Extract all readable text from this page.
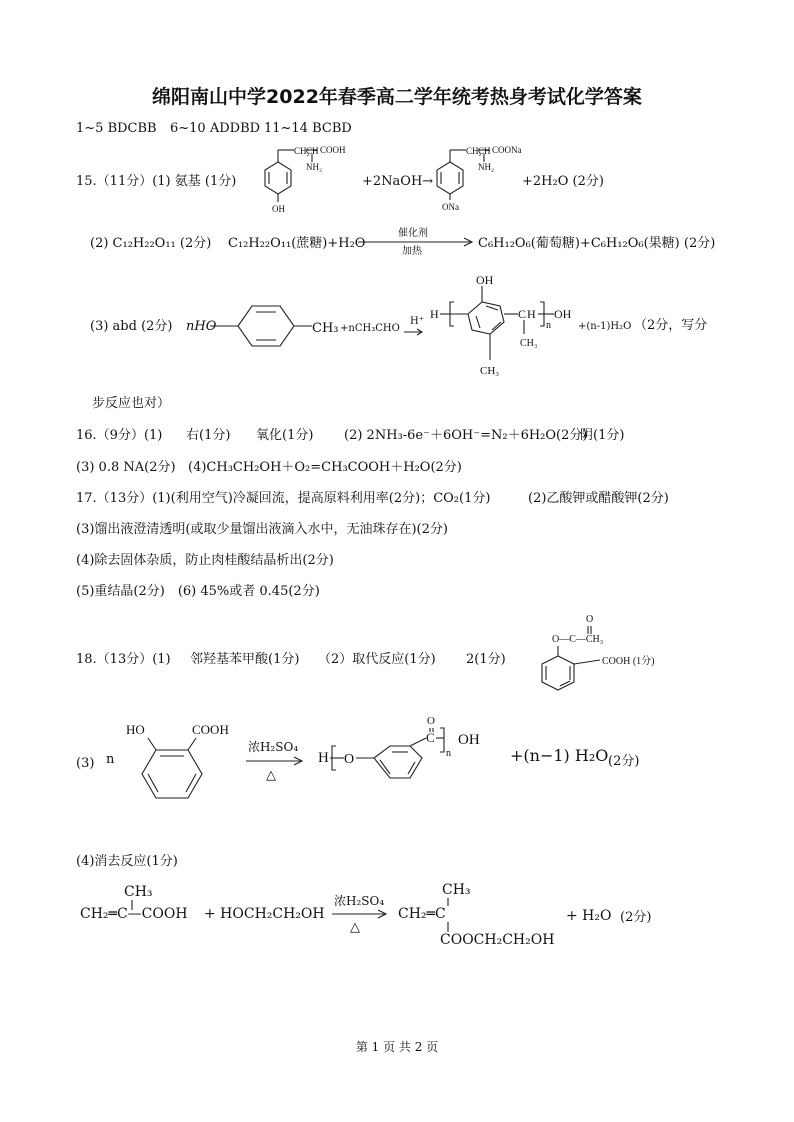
绵阳南山中学2022年春季高二学年统考热身考试化学答案
1~5 BDCBB 6~10 ADDBD 11~14 BCBD
15.（11分）(1) 氨基 (1分)
CH₂
CH COOH
NH₂
OH
+2NaOH→
CH₂
CH COONa
NH₂
ONa
+2H₂O (2分)
(2) C₁₂H₂₂O₁₁ (2分) C₁₂H₂₂O₁₁(蔗糖)+H₂O
催化剂
加热
C₆H₁₂O₆(葡萄糖)+C₆H₁₂O₆(果糖) (2分)
(3) abd (2分) nHO	CH₃ +nCH₃CHO
H⁺
H
OH
C H
CH₃
n
OH
CH₃
+(n-1)H₂O （2分，写分
步反应也对）
16.（9分）(1) 右(1分) 氧化(1分) (2) 2NH₃-6e⁻＋6OH⁻=N₂＋6H₂O(2分)
阴(1分)
(3) 0.8 NA(2分) (4)CH₃CH₂OH＋O₂=CH₃COOH＋H₂O(2分)
17.（13分）(1)(利用空气)冷凝回流，提高原料利用率(2分)；CO₂(1分)	(2)乙酸钾或醋酸钾(2分)
(3)馏出液澄清透明(或取少量馏出液滴入水中，无油珠存在)(2分)
(4)除去固体杂质，防止肉桂酸结晶析出(2分)
(5)重结晶(2分)　(6) 45%或者 0.45(2分)
18.（13分）(1) 邻羟基苯甲酸(1分) （2）取代反应(1分) 2(1分)
O
O—C—CH₃
COOH (1分)
(3) n
HO	COOH
浓H₂SO₄
△
H O
C
O
n
OH
+(n−1) H₂O (2分)
(4)消去反应(1分)
CH₃
CH₂═C—COOH + HOCH₂CH₂OH
浓H₂SO₄
△
CH₃
CH₂═C
COOCH₂CH₂OH
+ H₂O (2分)
第 1 页 共 2 页
